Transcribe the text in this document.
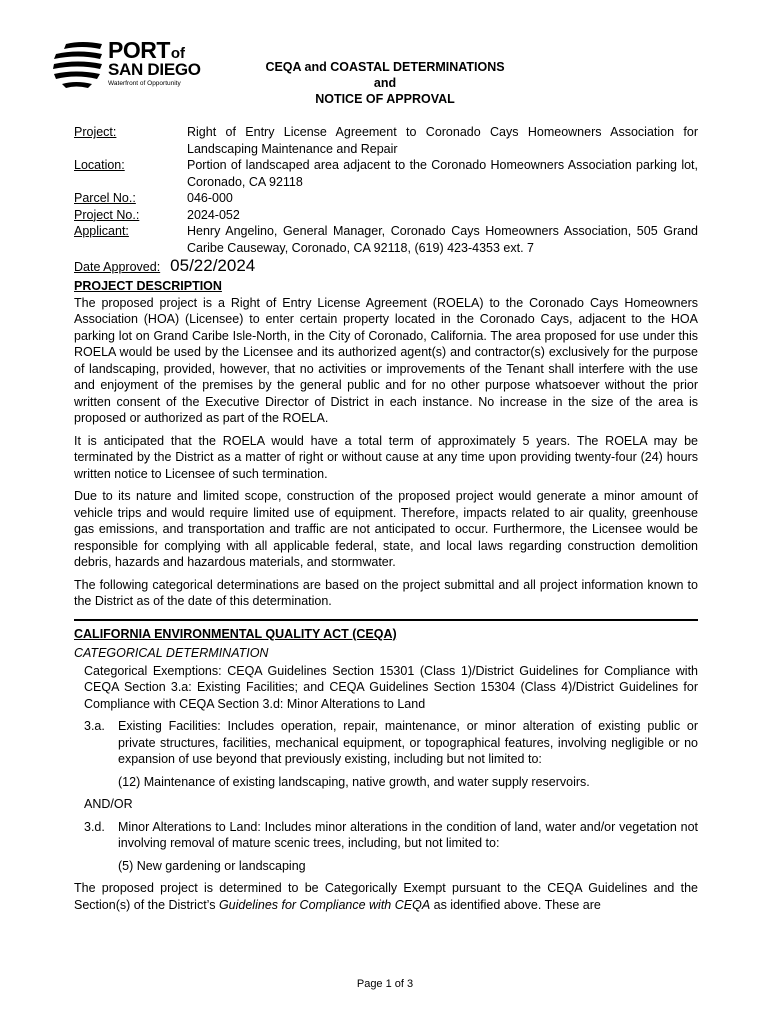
PORTof
SAN DIEGO
Waterfront of Opportunity
CEQA and COASTAL DETERMINATIONS
and
NOTICE OF APPROVAL
Project:	Right of Entry License Agreement to Coronado Cays Homeowners Association for Landscaping Maintenance and Repair
Location:	Portion of landscaped area adjacent to the Coronado Homeowners Association parking lot, Coronado, CA 92118
Parcel No.:	046-000
Project No.:	2024-052
Applicant:	Henry Angelino, General Manager, Coronado Cays Homeowners Association, 505 Grand Caribe Causeway, Coronado, CA 92118, (619) 423-4353 ext. 7
Date Approved: 05/22/2024
PROJECT DESCRIPTION

The proposed project is a Right of Entry License Agreement (ROELA) to the Coronado Cays Homeowners Association (HOA) (Licensee) to enter certain property located in the Coronado Cays, adjacent to the HOA parking lot on Grand Caribe Isle-North, in the City of Coronado, California. The area proposed for use under this ROELA would be used by the Licensee and its authorized agent(s) and contractor(s) exclusively for the purpose of landscaping, provided, however, that no activities or improvements of the Tenant shall interfere with the use and enjoyment of the premises by the general public and for no other purpose whatsoever without the prior written consent of the Executive Director of District in each instance. No increase in the size of the area is proposed or authorized as part of the ROELA.

It is anticipated that the ROELA would have a total term of approximately 5 years. The ROELA may be terminated by the District as a matter of right or without cause at any time upon providing twenty-four (24) hours written notice to Licensee of such termination.

Due to its nature and limited scope, construction of the proposed project would generate a minor amount of vehicle trips and would require limited use of equipment. Therefore, impacts related to air quality, greenhouse gas emissions, and transportation and traffic are not anticipated to occur. Furthermore, the Licensee would be responsible for complying with all applicable federal, state, and local laws regarding construction demolition debris, hazards and hazardous materials, and stormwater.

The following categorical determinations are based on the project submittal and all project information known to the District as of the date of this determination.

CALIFORNIA ENVIRONMENTAL QUALITY ACT (CEQA)
CATEGORICAL DETERMINATION
Categorical Exemptions: CEQA Guidelines Section 15301 (Class 1)/District Guidelines for Compliance with CEQA Section 3.a: Existing Facilities; and CEQA Guidelines Section 15304 (Class 4)/District Guidelines for Compliance with CEQA Section 3.d: Minor Alterations to Land
3.a.	Existing Facilities: Includes operation, repair, maintenance, or minor alteration of existing public or private structures, facilities, mechanical equipment, or topographical features, involving negligible or no expansion of use beyond that previously existing, including but not limited to:
(12) Maintenance of existing landscaping, native growth, and water supply reservoirs.
AND/OR
3.d.	Minor Alterations to Land: Includes minor alterations in the condition of land, water and/or vegetation not involving removal of mature scenic trees, including, but not limited to:
(5) New gardening or landscaping

The proposed project is determined to be Categorically Exempt pursuant to the CEQA Guidelines and the Section(s) of the District’s Guidelines for Compliance with CEQA as identified above. These are

Page 1 of 3
